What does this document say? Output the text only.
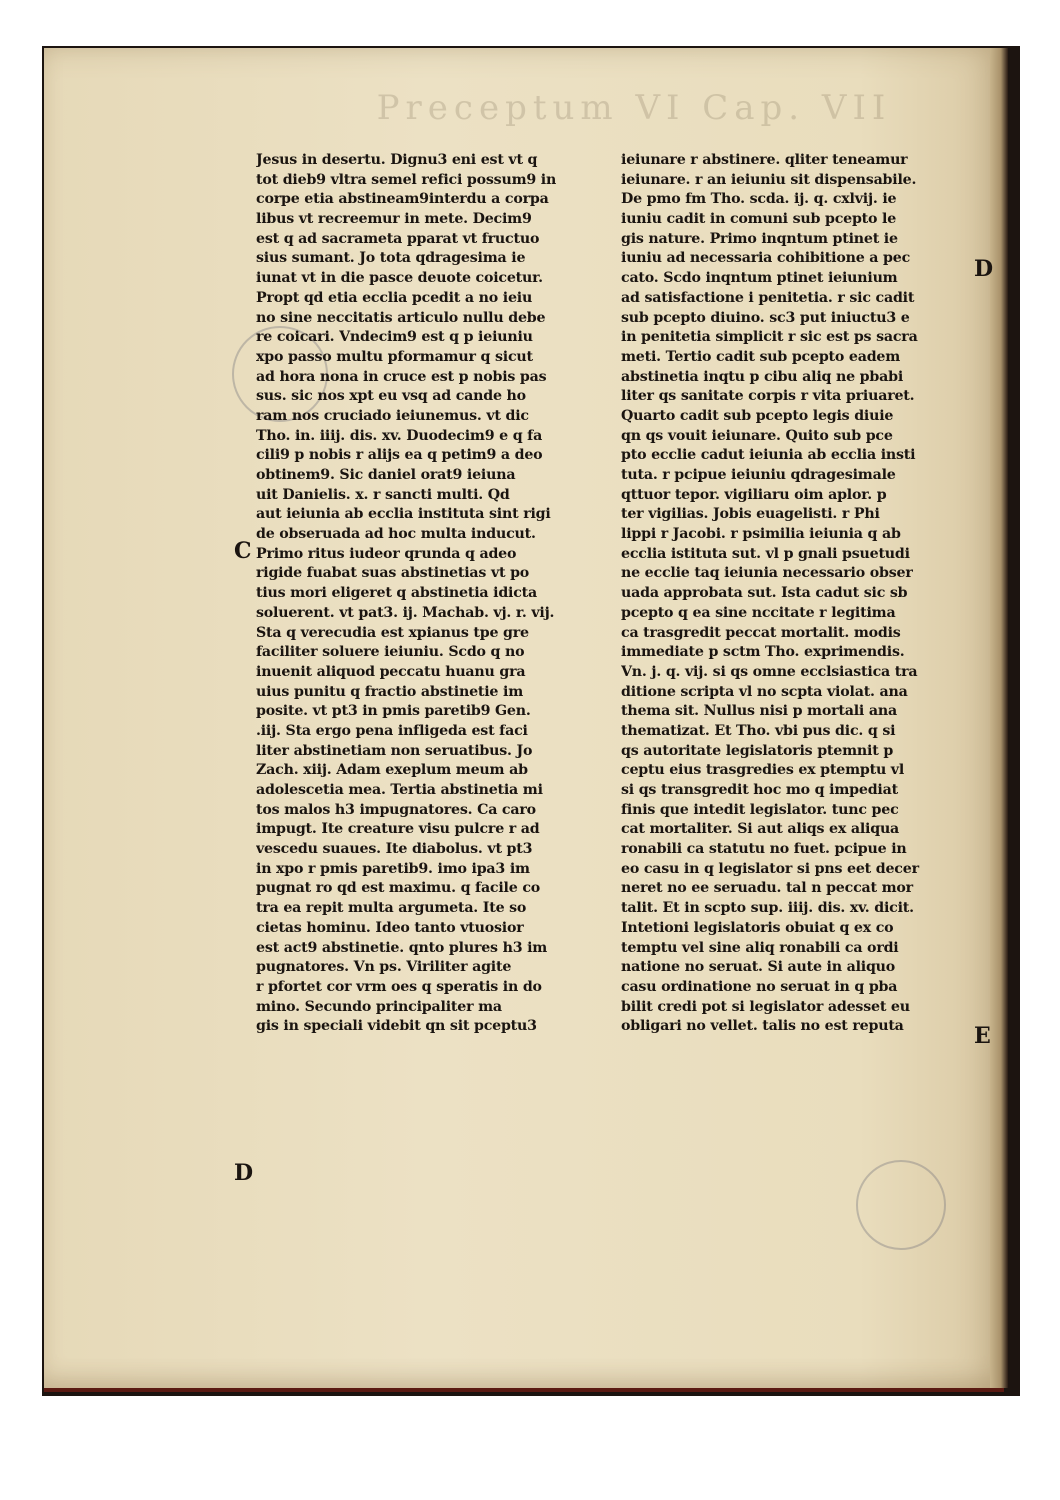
Preceptum VI Cap. VII
Jesus in desertu. Dignu3 eni est vt q
tot dieb9 vltra semel refici possum9 in
corpe etia abstineam9interdu a corpa
libus vt recreemur in mete. Decim9
est q ad sacrameta pparat vt fructuo
sius sumant. Jo tota qdragesima ie
iunat vt in die pasce deuote coicetur.
Propt qd etia ecclia pcedit a no ieiu
no sine neccitatis articulo nullu debe
re coicari. Vndecim9 est q p ieiuniu
xpo passo multu pformamur q sicut
ad hora nona in cruce est p nobis pas
sus. sic nos xpt eu vsq ad cande ho
ram nos cruciado ieiunemus. vt dic
Tho. in. iiij. dis. xv. Duodecim9 e q fa
cili9 p nobis r alijs ea q petim9 a deo
obtinem9. Sic daniel orat9 ieiuna
uit Danielis. x. r sancti multi. Qd
aut ieiunia ab ecclia instituta sint rigi
de obseruada ad hoc multa inducut.
Primo ritus iudeor qrunda q adeo
rigide fuabat suas abstinetias vt po
tius mori eligeret q abstinetia idicta
soluerent. vt pat3. ij. Machab. vj. r. vij.
Sta q verecudia est xpianus tpe gre
faciliter soluere ieiuniu. Scdo q no
inuenit aliquod peccatu huanu gra
uius punitu q fractio abstinetie im
posite. vt pt3 in pmis paretib9 Gen.
.iij. Sta ergo pena infligeda est faci
liter abstinetiam non seruatibus. Jo
Zach. xiij. Adam exeplum meum ab
adolescetia mea. Tertia abstinetia mi
tos malos h3 impugnatores. Ca caro
impugt. Ite creature visu pulcre r ad
vescedu suaues. Ite diabolus. vt pt3
in xpo r pmis paretib9. imo ipa3 im
pugnat ro qd est maximu. q facile co
tra ea repit multa argumeta. Ite so
cietas hominu. Ideo tanto vtuosior
est act9 abstinetie. qnto plures h3 im
pugnatores. Vn ps. Viriliter agite
r pfortet cor vrm oes q speratis in do
mino. Secundo principaliter ma
gis in speciali videbit qn sit pceptu3
ieiunare r abstinere. qliter teneamur
ieiunare. r an ieiuniu sit dispensabile.
De pmo fm Tho. scda. ij. q. cxlvij. ie
iuniu cadit in comuni sub pcepto le
gis nature. Primo inqntum ptinet ie
iuniu ad necessaria cohibitione a pec
cato. Scdo inqntum ptinet ieiunium
ad satisfactione i penitetia. r sic cadit
sub pcepto diuino. sc3 put iniuctu3 e
in penitetia simplicit r sic est ps sacra
meti. Tertio cadit sub pcepto eadem
abstinetia inqtu p cibu aliq ne pbabi
liter qs sanitate corpis r vita priuaret.
Quarto cadit sub pcepto legis diuie
qn qs vouit ieiunare. Quito sub pce
pto ecclie cadut ieiunia ab ecclia insti
tuta. r pcipue ieiuniu qdragesimale
qttuor tepor. vigiliaru oim aplor. p
ter vigilias. Jobis euagelisti. r Phi
lippi r Jacobi. r psimilia ieiunia q ab
ecclia istituta sut. vl p gnali psuetudi
ne ecclie taq ieiunia necessario obser
uada approbata sut. Ista cadut sic sb
pcepto q ea sine nccitate r legitima
ca trasgredit peccat mortalit. modis
immediate p sctm Tho. exprimendis.
Vn. j. q. vij. si qs omne ecclsiastica tra
ditione scripta vl no scpta violat. ana
thema sit. Nullus nisi p mortali ana
thematizat. Et Tho. vbi pus dic. q si
qs autoritate legislatoris ptemnit p
ceptu eius trasgredies ex ptemptu vl
si qs transgredit hoc mo q impediat
finis que intedit legislator. tunc pec
cat mortaliter. Si aut aliqs ex aliqua
ronabili ca statutu no fuet. pcipue in
eo casu in q legislator si pns eet decer
neret no ee seruadu. tal n peccat mor
talit. Et in scpto sup. iiij. dis. xv. dicit.
Intetioni legislatoris obuiat q ex co
temptu vel sine aliq ronabili ca ordi
natione no seruat. Si aute in aliquo
casu ordinatione no seruat in q pba
bilit credi pot si legislator adesset eu
obligari no vellet. talis no est reputa
C
D
D
E
